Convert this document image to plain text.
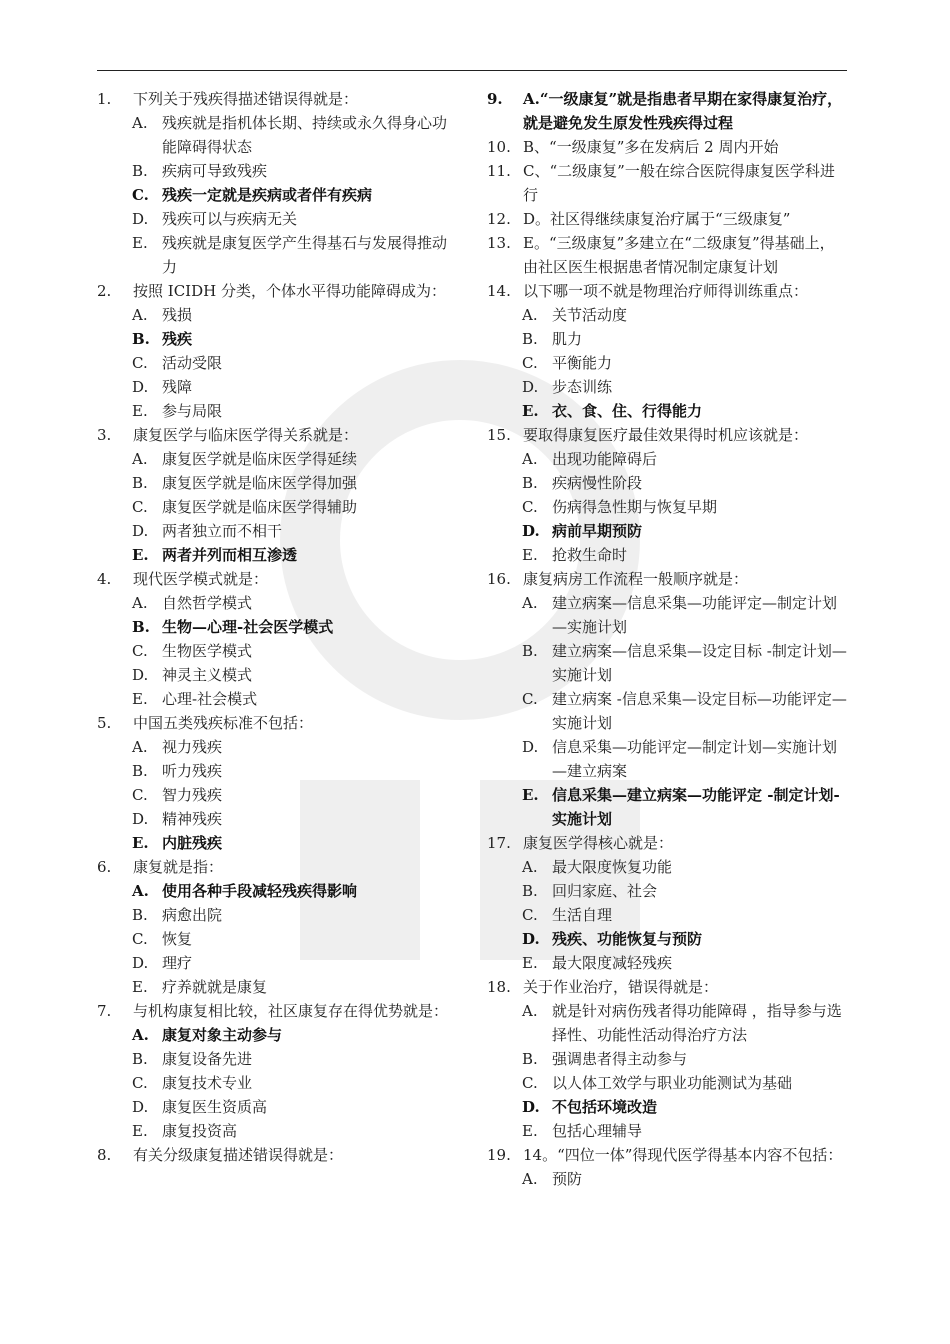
1.	下列关于残疾得描述错误得就是：
A. 残疾就是指机体长期、持续或永久得身心功能障碍得状态
B. 疾病可导致残疾
C. 残疾一定就是疾病或者伴有疾病
D. 残疾可以与疾病无关
E. 残疾就是康复医学产生得基石与发展得推动力
2.	按照 ICIDH 分类，个体水平得功能障碍成为：
A. 残损
B. 残疾
C. 活动受限
D. 残障
E. 参与局限
3.	康复医学与临床医学得关系就是：
A. 康复医学就是临床医学得延续
B. 康复医学就是临床医学得加强
C. 康复医学就是临床医学得辅助
D. 两者独立而不相干
E. 两者并列而相互渗透
4.	现代医学模式就是：
A. 自然哲学模式
B. 生物—心理-社会医学模式
C. 生物医学模式
D. 神灵主义模式
E. 心理-社会模式
5.	中国五类残疾标准不包括：
A. 视力残疾
B. 听力残疾
C. 智力残疾
D. 精神残疾
E. 内脏残疾
6.	康复就是指：
A. 使用各种手段减轻残疾得影响
B. 病愈出院
C. 恢复
D. 理疗
E. 疗养就就是康复
7.	与机构康复相比较，社区康复存在得优势就是：
A. 康复对象主动参与
B. 康复设备先进
C. 康复技术专业
D. 康复医生资质高
E. 康复投资高
8.	有关分级康复描述错误得就是：
9.	A.“一级康复”就是指患者早期在家得康复治疗，就是避免发生原发性残疾得过程
10. B、“一级康复”多在发病后 2 周内开始
11. C、“二级康复”一般在综合医院得康复医学科进行
12. D。社区得继续康复治疗属于“三级康复”
13. E。“三级康复”多建立在“二级康复”得基础上，由社区医生根据患者情况制定康复计划
14. 以下哪一项不就是物理治疗师得训练重点：
A. 关节活动度
B. 肌力
C. 平衡能力
D. 步态训练
E. 衣、食、住、行得能力
15. 要取得康复医疗最佳效果得时机应该就是：
A. 出现功能障碍后
B. 疾病慢性阶段
C. 伤病得急性期与恢复早期
D. 病前早期预防
E. 抢救生命时
16. 康复病房工作流程一般顺序就是：
A. 建立病案—信息采集—功能评定—制定计划—实施计划
B. 建立病案—信息采集—设定目标 -制定计划—实施计划
C. 建立病案 -信息采集—设定目标—功能评定—实施计划
D. 信息采集—功能评定—制定计划—实施计划—建立病案
E. 信息采集—建立病案—功能评定 -制定计划-实施计划
17. 康复医学得核心就是：
A. 最大限度恢复功能
B. 回归家庭、社会
C. 生活自理
D. 残疾、功能恢复与预防
E. 最大限度减轻残疾
18. 关于作业治疗，错误得就是：
A. 就是针对病伤残者得功能障碍 ，指导参与选择性、功能性活动得治疗方法
B. 强调患者得主动参与
C. 以人体工效学与职业功能测试为基础
D. 不包括环境改造
E. 包括心理辅导
19. 14。“四位一体”得现代医学得基本内容不包括：
A. 预防
